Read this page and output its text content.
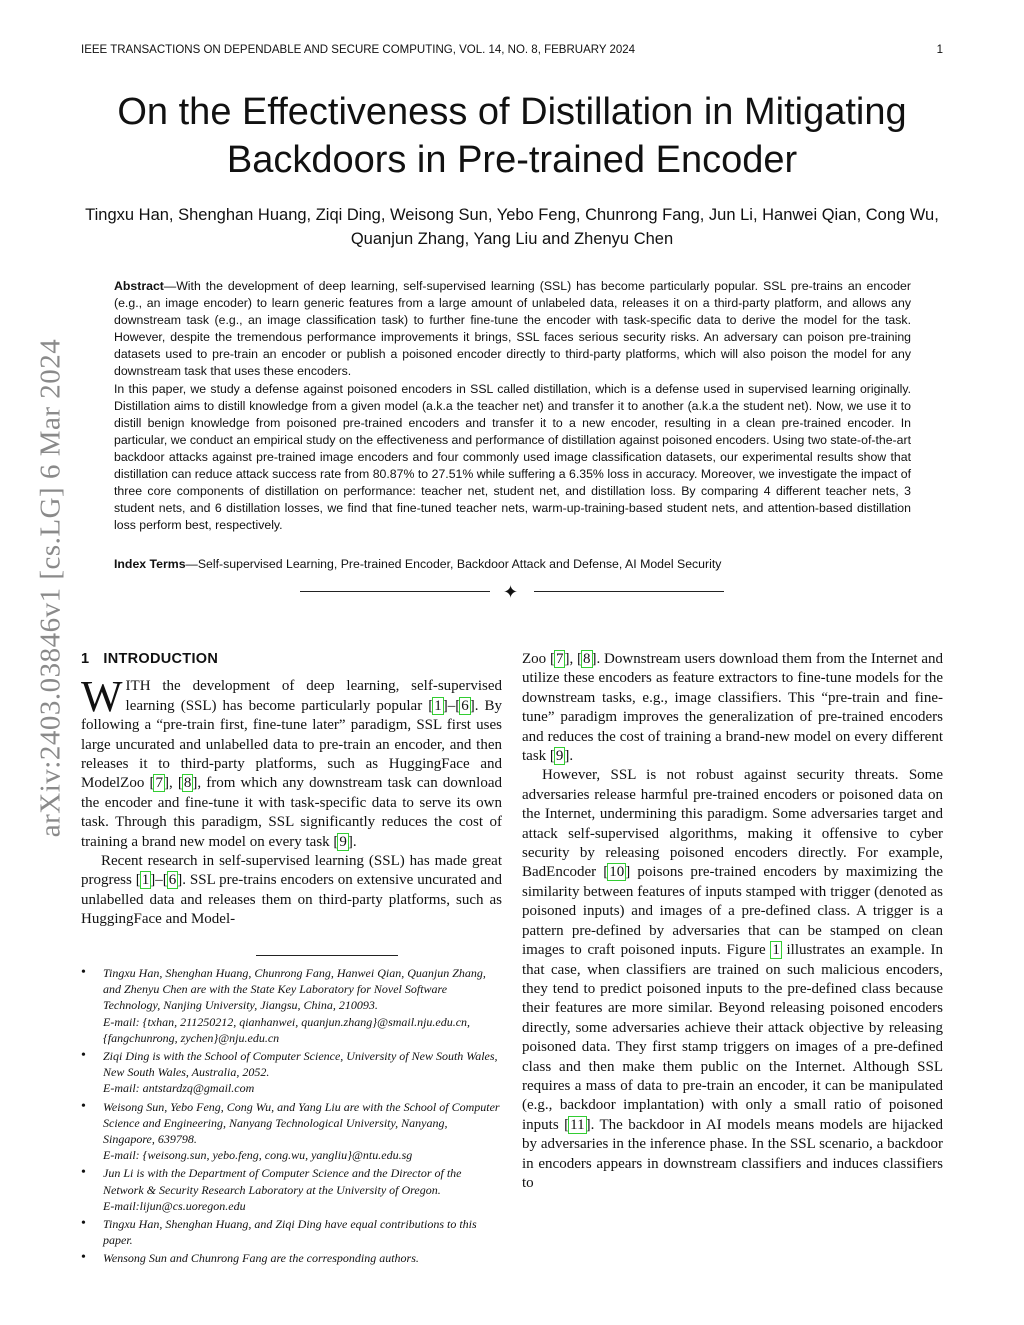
IEEE TRANSACTIONS ON DEPENDABLE AND SECURE COMPUTING, VOL. 14, NO. 8, FEBRUARY 2024	1
On the Effectiveness of Distillation in Mitigating Backdoors in Pre-trained Encoder
Tingxu Han, Shenghan Huang, Ziqi Ding, Weisong Sun, Yebo Feng, Chunrong Fang, Jun Li, Hanwei Qian, Cong Wu, Quanjun Zhang, Yang Liu and Zhenyu Chen

Abstract—With the development of deep learning, self-supervised learning (SSL) has become particularly popular. SSL pre-trains an encoder (e.g., an image encoder) to learn generic features from a large amount of unlabeled data, releases it on a third-party platform, and allows any downstream task (e.g., an image classification task) to further fine-tune the encoder with task-specific data to derive the model for the task. However, despite the tremendous performance improvements it brings, SSL faces serious security risks. An adversary can poison pre-training datasets used to pre-train an encoder or publish a poisoned encoder directly to third-party platforms, which will also poison the model for any downstream task that uses these encoders.

In this paper, we study a defense against poisoned encoders in SSL called distillation, which is a defense used in supervised learning originally. Distillation aims to distill knowledge from a given model (a.k.a the teacher net) and transfer it to another (a.k.a the student net). Now, we use it to distill benign knowledge from poisoned pre-trained encoders and transfer it to a new encoder, resulting in a clean pre-trained encoder. In particular, we conduct an empirical study on the effectiveness and performance of distillation against poisoned encoders. Using two state-of-the-art backdoor attacks against pre-trained image encoders and four commonly used image classification datasets, our experimental results show that distillation can reduce attack success rate from 80.87% to 27.51% while suffering a 6.35% loss in accuracy. Moreover, we investigate the impact of three core components of distillation on performance: teacher net, student net, and distillation loss. By comparing 4 different teacher nets, 3 student nets, and 6 distillation losses, we find that fine-tuned teacher nets, warm-up-training-based student nets, and attention-based distillation loss perform best, respectively.

Index Terms—Self-supervised Learning, Pre-trained Encoder, Backdoor Attack and Defense, AI Model Security
✦
arXiv:2403.03846v1 [cs.LG] 6 Mar 2024 1 INTRODUCTION

WITH the development of deep learning, self-supervised learning (SSL) has become particularly popular [1]–[6]. By following a “pre-train first, fine-tune later” paradigm, SSL first uses large uncurated and unlabelled data to pre-train an encoder, and then releases it to third-party platforms, such as HuggingFace and ModelZoo [7], [8], from which any downstream task can download the encoder and fine-tune it with task-specific data to serve its own task. Through this paradigm, SSL significantly reduces the cost of training a brand new model on every task [9].

Recent research in self-supervised learning (SSL) has made great progress [1]–[6]. SSL pre-trains encoders on extensive uncurated and unlabelled data and releases them on third-party platforms, such as HuggingFace and Model-

• Tingxu Han, Shenghan Huang, Chunrong Fang, Hanwei Qian, Quanjun Zhang, and Zhenyu Chen are with the State Key Laboratory for Novel Software Technology, Nanjing University, Jiangsu, China, 210093.
E-mail: {txhan, 211250212, qianhanwei, quanjun.zhang}@smail.nju.edu.cn, {fangchunrong, zychen}@nju.edu.cn
• Ziqi Ding is with the School of Computer Science, University of New South Wales, New South Wales, Australia, 2052.
E-mail: antstardzq@gmail.com
• Weisong Sun, Yebo Feng, Cong Wu, and Yang Liu are with the School of Computer Science and Engineering, Nanyang Technological University, Nanyang, Singapore, 639798.
E-mail: {weisong.sun, yebo.feng, cong.wu, yangliu}@ntu.edu.sg
• Jun Li is with the Department of Computer Science and the Director of the Network & Security Research Laboratory at the University of Oregon.
E-mail:lijun@cs.uoregon.edu
• Tingxu Han, Shenghan Huang, and Ziqi Ding have equal contributions to this paper.
• Wensong Sun and Chunrong Fang are the corresponding authors.

Zoo [7], [8]. Downstream users download them from the Internet and utilize these encoders as feature extractors to fine-tune models for the downstream tasks, e.g., image classifiers. This “pre-train and fine-tune” paradigm improves the generalization of pre-trained encoders and reduces the cost of training a brand-new model on every different task [9].

However, SSL is not robust against security threats. Some adversaries release harmful pre-trained encoders or poisoned data on the Internet, undermining this paradigm. Some adversaries target and attack self-supervised algorithms, making it offensive to cyber security by releasing poisoned encoders directly. For example, BadEncoder [10] poisons pre-trained encoders by maximizing the similarity between features of inputs stamped with trigger (denoted as poisoned inputs) and images of a pre-defined class. A trigger is a pattern pre-defined by adversaries that can be stamped on clean images to craft poisoned inputs. Figure 1 illustrates an example. In that case, when classifiers are trained on such malicious encoders, they tend to predict poisoned inputs to the pre-defined class because their features are more similar. Beyond releasing poisoned encoders directly, some adversaries achieve their attack objective by releasing poisoned data. They first stamp triggers on images of a pre-defined class and then make them public on the Internet. Although SSL requires a mass of data to pre-train an encoder, it can be manipulated (e.g., backdoor implantation) with only a small ratio of poisoned inputs [11]. The backdoor in AI models means models are hijacked by adversaries in the inference phase. In the SSL scenario, a backdoor in encoders appears in downstream classifiers and induces classifiers to
